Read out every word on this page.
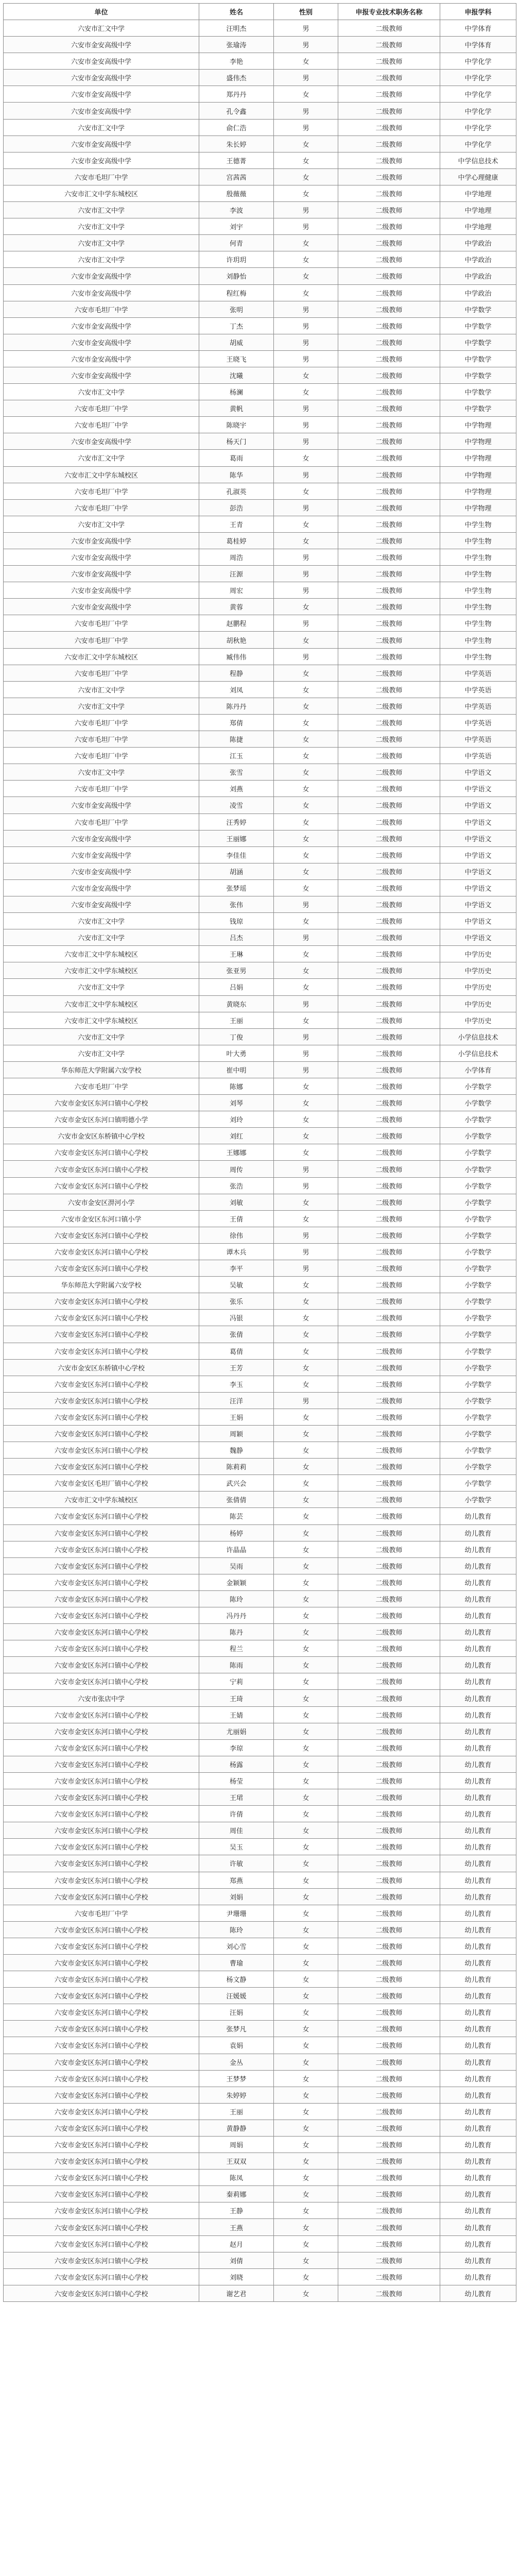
单位	姓名	性别	申报专业技术职务名称	申报学科
六安市汇文中学	汪明杰	男	二级教师	中学体育
六安市金安高级中学	张瑜涛	男	二级教师	中学体育
六安市金安高级中学	李艳	女	二级教师	中学化学
六安市金安高级中学	盛伟杰	男	二级教师	中学化学
六安市金安高级中学	郑丹丹	女	二级教师	中学化学
六安市金安高级中学	孔令鑫	男	二级教师	中学化学
六安市汇文中学	俞仁浩	男	二级教师	中学化学
六安市金安高级中学	朱长婷	女	二级教师	中学化学
六安市金安高级中学	王德菁	女	二级教师	中学信息技术
六安市毛坦厂中学	宫茜茜	女	二级教师	中学心理健康
六安市汇文中学东城校区	殷薇薇	女	二级教师	中学地理
六安市汇文中学	李波	男	二级教师	中学地理
六安市汇文中学	刘宇	男	二级教师	中学地理
六安市汇文中学	何青	女	二级教师	中学政治
六安市汇文中学	许玥玥	女	二级教师	中学政治
六安市金安高级中学	刘静怡	女	二级教师	中学政治
六安市金安高级中学	程红梅	女	二级教师	中学政治
六安市毛坦厂中学	张明	男	二级教师	中学数学
六安市金安高级中学	丁杰	男	二级教师	中学数学
六安市金安高级中学	胡威	男	二级教师	中学数学
六安市金安高级中学	王晓飞	男	二级教师	中学数学
六安市金安高级中学	沈曦	女	二级教师	中学数学
六安市汇文中学	杨澜	女	二级教师	中学数学
六安市毛坦厂中学	黄帆	男	二级教师	中学数学
六安市毛坦厂中学	陈晓宇	男	二级教师	中学物理
六安市金安高级中学	杨天门	男	二级教师	中学物理
六安市汇文中学	葛雨	女	二级教师	中学物理
六安市汇文中学东城校区	陈华	男	二级教师	中学物理
六安市毛坦厂中学	孔淑英	女	二级教师	中学物理
六安市毛坦厂中学	彭浩	男	二级教师	中学物理
六安市汇文中学	王青	女	二级教师	中学生物
六安市金安高级中学	葛桂婷	女	二级教师	中学生物
六安市金安高级中学	周浩	男	二级教师	中学生物
六安市金安高级中学	汪源	男	二级教师	中学生物
六安市金安高级中学	周宏	男	二级教师	中学生物
六安市金安高级中学	黄蓉	女	二级教师	中学生物
六安市毛坦厂中学	赵鹏程	男	二级教师	中学生物
六安市毛坦厂中学	胡秋艳	女	二级教师	中学生物
六安市汇文中学东城校区	臧伟伟	男	二级教师	中学生物
六安市毛坦厂中学	程静	女	二级教师	中学英语
六安市汇文中学	刘凤	女	二级教师	中学英语
六安市汇文中学	陈丹丹	女	二级教师	中学英语
六安市毛坦厂中学	郑倩	女	二级教师	中学英语
六安市毛坦厂中学	陈捷	女	二级教师	中学英语
六安市毛坦厂中学	江玉	女	二级教师	中学英语
六安市汇文中学	张雪	女	二级教师	中学语文
六安市毛坦厂中学	刘燕	女	二级教师	中学语文
六安市金安高级中学	凌雪	女	二级教师	中学语文
六安市毛坦厂中学	汪秀婷	女	二级教师	中学语文
六安市金安高级中学	王丽娜	女	二级教师	中学语文
六安市金安高级中学	李佳佳	女	二级教师	中学语文
六安市金安高级中学	胡涵	女	二级教师	中学语文
六安市金安高级中学	张梦瑶	女	二级教师	中学语文
六安市金安高级中学	张伟	男	二级教师	中学语文
六安市汇文中学	钱琼	女	二级教师	中学语文
六安市汇文中学	吕杰	男	二级教师	中学语文
六安市汇文中学东城校区	王琳	女	二级教师	中学历史
六安市汇文中学东城校区	张亚男	女	二级教师	中学历史
六安市汇文中学	吕娟	女	二级教师	中学历史
六安市汇文中学东城校区	黄晓东	男	二级教师	中学历史
六安市汇文中学东城校区	王丽	女	二级教师	中学历史
六安市汇文中学	丁俊	男	二级教师	小学信息技术
六安市汇文中学	叶大勇	男	二级教师	小学信息技术
华东师范大学附属六安学校	崔中明	男	二级教师	小学体育
六安市毛坦厂中学	陈娜	女	二级教师	小学数学
六安市金安区东河口镇中心学校	刘琴	女	二级教师	小学数学
六安市金安区东河口镇明德小学	刘玲	女	二级教师	小学数学
六安市金安区东桥镇中心学校	刘红	女	二级教师	小学数学
六安市金安区东河口镇中心学校	王娜娜	女	二级教师	小学数学
六安市金安区东河口镇中心学校	周传	男	二级教师	小学数学
六安市金安区东河口镇中心学校	张浩	男	二级教师	小学数学
六安市金安区淠河小学	刘敏	女	二级教师	小学数学
六安市金安区东河口镇小学	王倩	女	二级教师	小学数学
六安市金安区东河口镇中心学校	徐伟	男	二级教师	小学数学
六安市金安区东河口镇中心学校	谭木兵	男	二级教师	小学数学
六安市金安区东河口镇中心学校	李平	男	二级教师	小学数学
华东师范大学附属六安学校	吴敏	女	二级教师	小学数学
六安市金安区东河口镇中心学校	张乐	女	二级教师	小学数学
六安市金安区东河口镇中心学校	冯银	女	二级教师	小学数学
六安市金安区东河口镇中心学校	张倩	女	二级教师	小学数学
六安市金安区东河口镇中心学校	葛倩	女	二级教师	小学数学
六安市金安区东桥镇中心学校	王芳	女	二级教师	小学数学
六安市金安区东河口镇中心学校	李玉	女	二级教师	小学数学
六安市金安区东河口镇中心学校	汪洋	男	二级教师	小学数学
六安市金安区东河口镇中心学校	王娟	女	二级教师	小学数学
六安市金安区东河口镇中心学校	周颖	女	二级教师	小学数学
六安市金安区东河口镇中心学校	魏静	女	二级教师	小学数学
六安市金安区东河口镇中心学校	陈莉莉	女	二级教师	小学数学
六安市金安区毛坦厂镇中心学校	武兴会	女	二级教师	小学数学
六安市汇文中学东城校区	张倩倩	女	二级教师	小学数学
六安市金安区东河口镇中心学校	陈芸	女	二级教师	幼儿教育
六安市金安区东河口镇中心学校	杨婷	女	二级教师	幼儿教育
六安市金安区东河口镇中心学校	许晶晶	女	二级教师	幼儿教育
六安市金安区东河口镇中心学校	吴雨	女	二级教师	幼儿教育
六安市金安区东河口镇中心学校	金颖颖	女	二级教师	幼儿教育
六安市金安区东河口镇中心学校	陈玲	女	二级教师	幼儿教育
六安市金安区东河口镇中心学校	冯丹丹	女	二级教师	幼儿教育
六安市金安区东河口镇中心学校	陈丹	女	二级教师	幼儿教育
六安市金安区东河口镇中心学校	程兰	女	二级教师	幼儿教育
六安市金安区东河口镇中心学校	陈雨	女	二级教师	幼儿教育
六安市金安区东河口镇中心学校	宁莉	女	二级教师	幼儿教育
六安市张店中学	王琦	女	二级教师	幼儿教育
六安市金安区东河口镇中心学校	王婧	女	二级教师	幼儿教育
六安市金安区东河口镇中心学校	尤丽娟	女	二级教师	幼儿教育
六安市金安区东河口镇中心学校	李琼	女	二级教师	幼儿教育
六安市金安区东河口镇中心学校	杨露	女	二级教师	幼儿教育
六安市金安区东河口镇中心学校	杨莹	女	二级教师	幼儿教育
六安市金安区东河口镇中心学校	王珺	女	二级教师	幼儿教育
六安市金安区东河口镇中心学校	许倩	女	二级教师	幼儿教育
六安市金安区东河口镇中心学校	周佳	女	二级教师	幼儿教育
六安市金安区东河口镇中心学校	吴玉	女	二级教师	幼儿教育
六安市金安区东河口镇中心学校	许敏	女	二级教师	幼儿教育
六安市金安区东河口镇中心学校	郑燕	女	二级教师	幼儿教育
六安市金安区东河口镇中心学校	刘娟	女	二级教师	幼儿教育
六安市毛坦厂中学	尹珊珊	女	二级教师	幼儿教育
六安市金安区东河口镇中心学校	陈玲	女	二级教师	幼儿教育
六安市金安区东河口镇中心学校	刘心雪	女	二级教师	幼儿教育
六安市金安区东河口镇中心学校	曹瑜	女	二级教师	幼儿教育
六安市金安区东河口镇中心学校	杨文静	女	二级教师	幼儿教育
六安市金安区东河口镇中心学校	汪媛媛	女	二级教师	幼儿教育
六安市金安区东河口镇中心学校	汪娟	女	二级教师	幼儿教育
六安市金安区东河口镇中心学校	张梦凡	女	二级教师	幼儿教育
六安市金安区东河口镇中心学校	袁娟	女	二级教师	幼儿教育
六安市金安区东河口镇中心学校	金丛	女	二级教师	幼儿教育
六安市金安区东河口镇中心学校	王梦梦	女	二级教师	幼儿教育
六安市金安区东河口镇中心学校	朱婷婷	女	二级教师	幼儿教育
六安市金安区东河口镇中心学校	王丽	女	二级教师	幼儿教育
六安市金安区东河口镇中心学校	黄静静	女	二级教师	幼儿教育
六安市金安区东河口镇中心学校	周娟	女	二级教师	幼儿教育
六安市金安区东河口镇中心学校	王双双	女	二级教师	幼儿教育
六安市金安区东河口镇中心学校	陈凤	女	二级教师	幼儿教育
六安市金安区东河口镇中心学校	秦莉娜	女	二级教师	幼儿教育
六安市金安区东河口镇中心学校	王静	女	二级教师	幼儿教育
六安市金安区东河口镇中心学校	王燕	女	二级教师	幼儿教育
六安市金安区东河口镇中心学校	赵月	女	二级教师	幼儿教育
六安市金安区东河口镇中心学校	刘倩	女	二级教师	幼儿教育
六安市金安区东河口镇中心学校	刘晓	女	二级教师	幼儿教育
六安市金安区东河口镇中心学校	谢艺君	女	二级教师	幼儿教育
